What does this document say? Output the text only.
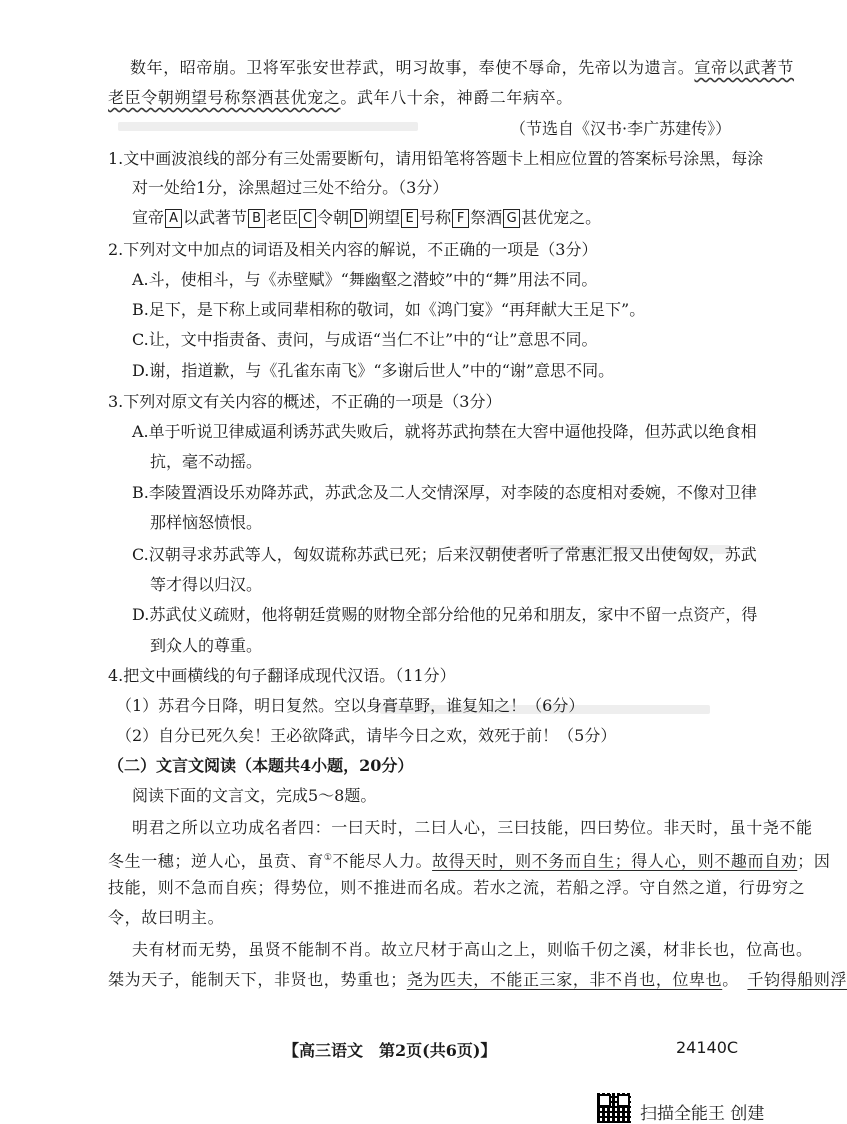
数年，昭帝崩。卫将军张安世荐武，明习故事，奉使不辱命，先帝以为遗言。宣帝以武著节
老臣令朝朔望号称祭酒甚优宠之。武年八十余，神爵二年病卒。
（节选自《汉书·李广苏建传》）
1.文中画波浪线的部分有三处需要断句，请用铅笔将答题卡上相应位置的答案标号涂黑，每涂
对一处给1分，涂黑超过三处不给分。（3分）
宣帝 A 以武著节 B 老臣 C 令朝 D 朔望 E 号称 F 祭酒 G 甚优宠之。
2.下列对文中加点的词语及相关内容的解说，不正确的一项是（3分）
A.斗，使相斗，与《赤壁赋》“舞幽壑之潜蛟”中的“舞”用法不同。
B.足下，是下称上或同辈相称的敬词，如《鸿门宴》“再拜献大王足下”。
C.让，文中指责备、责问，与成语“当仁不让”中的“让”意思不同。
D.谢，指道歉，与《孔雀东南飞》“多谢后世人”中的“谢”意思不同。
3.下列对原文有关内容的概述，不正确的一项是（3分）
A.单于听说卫律威逼利诱苏武失败后，就将苏武拘禁在大窖中逼他投降，但苏武以绝食相
抗，毫不动摇。
B.李陵置酒设乐劝降苏武，苏武念及二人交情深厚，对李陵的态度相对委婉，不像对卫律
那样恼怒愤恨。
C.汉朝寻求苏武等人，匈奴谎称苏武已死；后来汉朝使者听了常惠汇报又出使匈奴，苏武
等才得以归汉。
D.苏武仗义疏财，他将朝廷赏赐的财物全部分给他的兄弟和朋友，家中不留一点资产，得
到众人的尊重。
4.把文中画横线的句子翻译成现代汉语。（11分）
（1）苏君今日降，明日复然。空以身膏草野，谁复知之！（6分）
（2）自分已死久矣！王必欲降武，请毕今日之欢，效死于前！（5分）
（二）文言文阅读（本题共4小题，20分）
阅读下面的文言文，完成5～8题。
明君之所以立功成名者四：一曰天时，二曰人心，三曰技能，四曰势位。非天时，虽十尧不能
冬生一穗；逆人心，虽贲、育①不能尽人力。故得天时，则不务而自生；得人心，则不趣而自劝；因
技能，则不急而自疾；得势位，则不推进而名成。若水之流，若船之浮。守自然之道，行毋穷之
令，故曰明主。
夫有材而无势，虽贤不能制不肖。故立尺材于高山之上，则临千仞之溪，材非长也，位高也。
桀为天子，能制天下，非贤也，势重也；尧为匹夫，不能正三家，非不肖也，位卑也。　 千钧得船则浮
【高三语文　第2页(共6页)】	24140C
扫描全能王 创建
